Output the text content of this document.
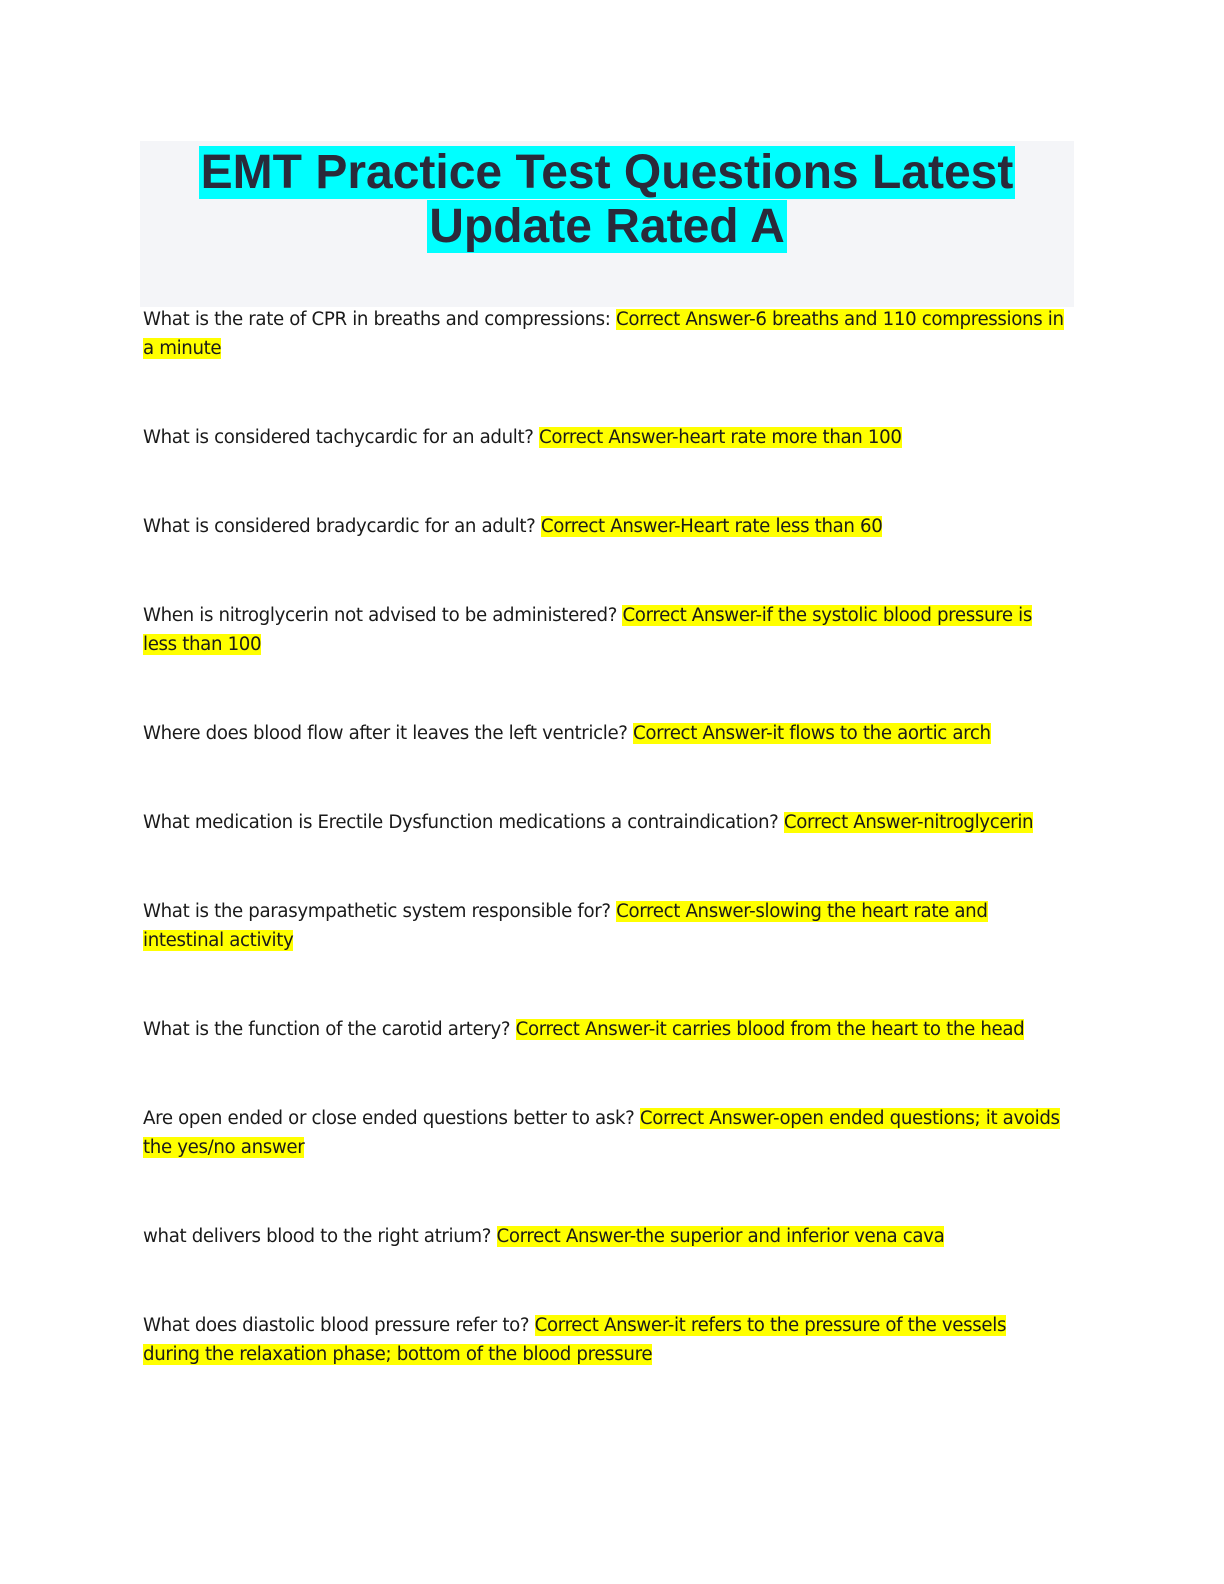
EMT Practice Test Questions Latest
Update Rated A

What is the rate of CPR in breaths and compressions: Correct Answer-6 breaths and 110 compressions in
a minute

What is considered tachycardic for an adult? Correct Answer-heart rate more than 100

What is considered bradycardic for an adult? Correct Answer-Heart rate less than 60

When is nitroglycerin not advised to be administered? Correct Answer-if the systolic blood pressure is
less than 100

Where does blood flow after it leaves the left ventricle? Correct Answer-it flows to the aortic arch

What medication is Erectile Dysfunction medications a contraindication? Correct Answer-nitroglycerin

What is the parasympathetic system responsible for? Correct Answer-slowing the heart rate and
intestinal activity

What is the function of the carotid artery? Correct Answer-it carries blood from the heart to the head

Are open ended or close ended questions better to ask? Correct Answer-open ended questions; it avoids
the yes/no answer

what delivers blood to the right atrium? Correct Answer-the superior and inferior vena cava

What does diastolic blood pressure refer to? Correct Answer-it refers to the pressure of the vessels
during the relaxation phase; bottom of the blood pressure
